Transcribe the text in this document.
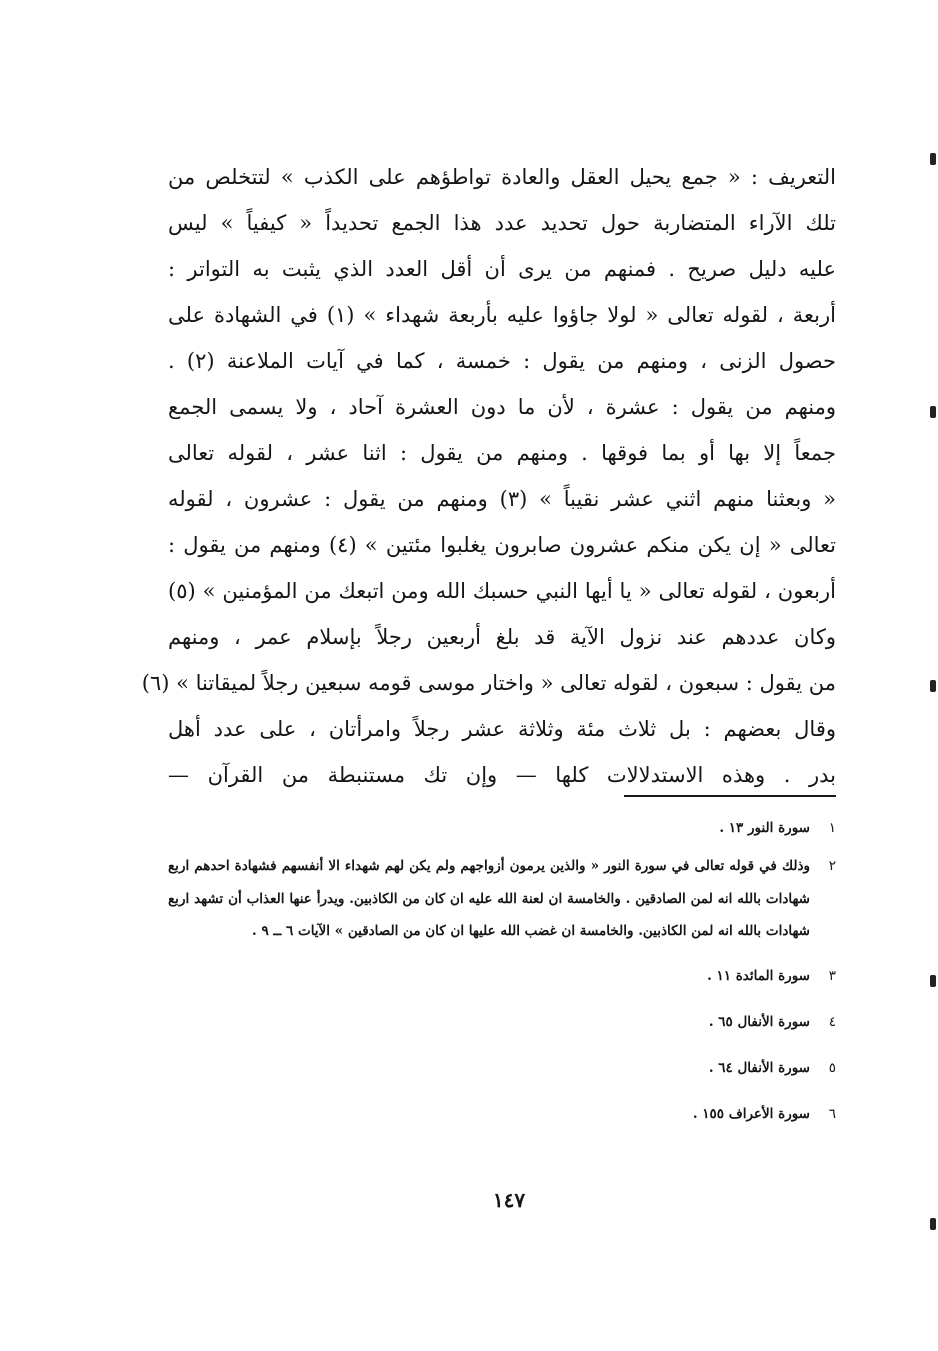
التعريف : « جمع يحيل العقل والعادة تواطؤهم على الكذب » لتتخلص من
تلك الآراء المتضاربة حول تحديد عدد هذا الجمع تحديداً « كيفياً » ليس
عليه دليل صريح . فمنهم من يرى أن أقل العدد الذي يثبت به التواتر :
أربعة ، لقوله تعالى « لولا جاؤوا عليه بأربعة شهداء » (١) في الشهادة على
حصول الزنى ، ومنهم من يقول : خمسة ، كما في آيات الملاعنة (٢) .
ومنهم من يقول : عشرة ، لأن ما دون العشرة آحاد ، ولا يسمى الجمع
جمعاً إلا بها أو بما فوقها . ومنهم من يقول : اثنا عشر ، لقوله تعالى
« وبعثنا منهم اثني عشر نقيباً » (٣) ومنهم من يقول : عشرون ، لقوله
تعالى « إن يكن منكم عشرون صابرون يغلبوا مئتين » (٤) ومنهم من يقول :
أربعون ، لقوله تعالى « يا أيها النبي حسبك الله ومن اتبعك من المؤمنين » (٥)
وكان عددهم عند نزول الآية قد بلغ أربعين رجلاً بإسلام عمر ، ومنهم
من يقول : سبعون ، لقوله تعالى « واختار موسى قومه سبعين رجلاً لميقاتنا » (٦)
وقال بعضهم : بل ثلاث مئة وثلاثة عشر رجلاً وامرأتان ، على عدد أهل
بدر . وهذه الاستدلالات كلها — وإن تك مستنبطة من القرآن —
١
سورة النور ١٣ .
٢
وذلك في قوله تعالى في سورة النور « والذين يرمون أزواجهم ولم يكن لهم شهداء الا أنفسهم فشهادة احدهم اربع شهادات بالله انه لمن الصادقين . والخامسة ان لعنة الله عليه ان كان من الكاذبين. ويدرأ عنها العذاب أن تشهد اربع شهادات بالله انه لمن الكاذبين. والخامسة ان غضب الله عليها ان كان من الصادقين » الآيات ٦ ــ ٩ .
٣
سورة المائدة ١١ .
٤
سورة الأنفال ٦٥ .
٥
سورة الأنفال ٦٤ .
٦
سورة الأعراف ١٥٥ .
١٤٧
